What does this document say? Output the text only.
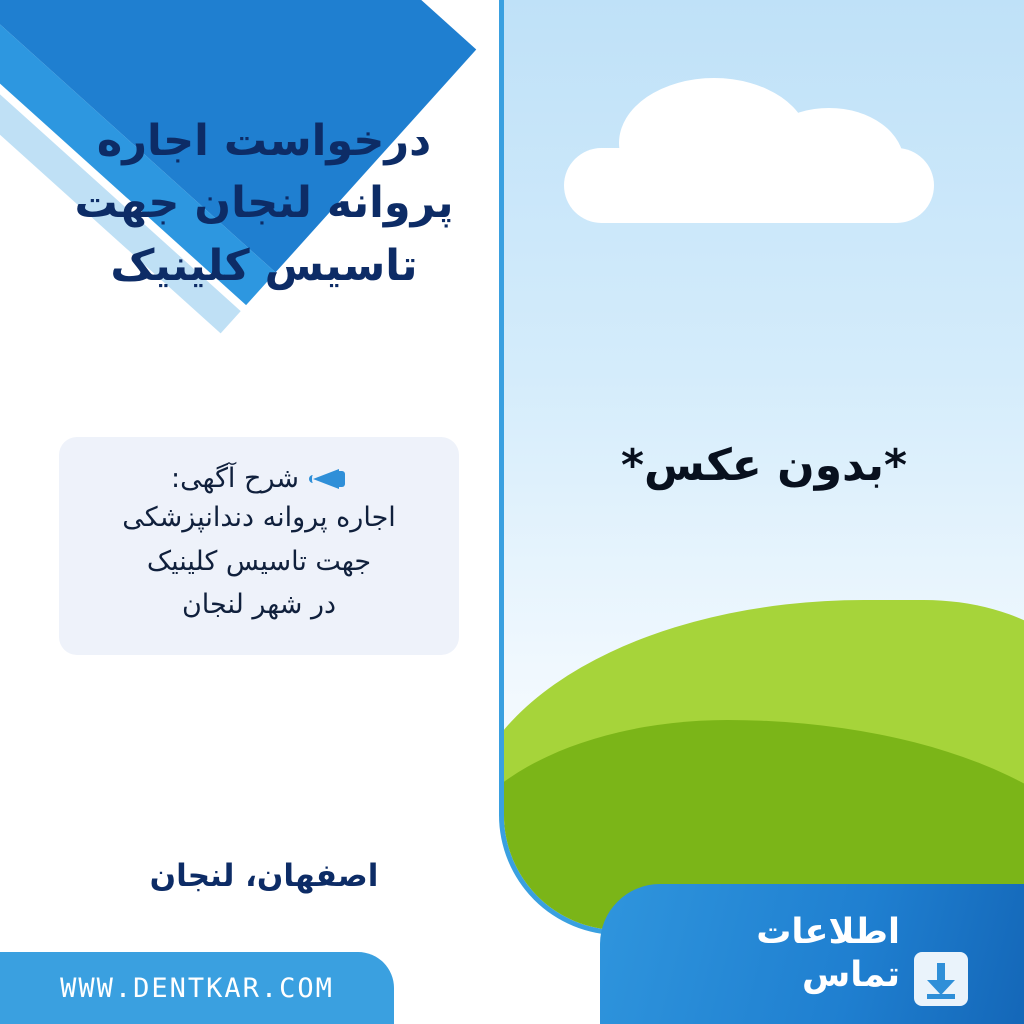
درخواست اجاره پروانه لنجان جهت تاسیس کلینیک
شرح آگهی:
اجاره پروانه دندانپزشکی
جهت تاسیس کلینیک
در شهر لنجان
اصفهان، لنجان
*بدون عکس*
WWW.DENTKAR.COM
اطلاعات
تماس
